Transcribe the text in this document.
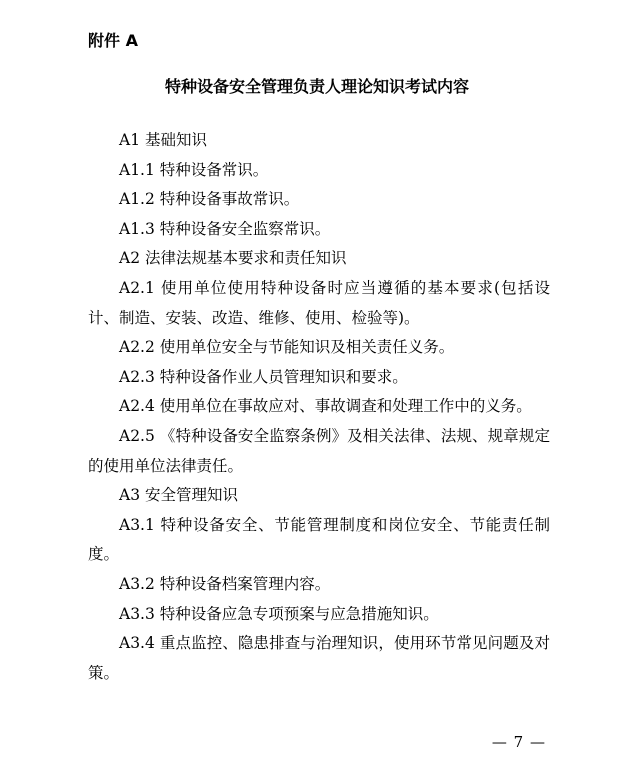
附件 A
特种设备安全管理负责人理论知识考试内容

A1 基础知识

A1.1 特种设备常识。

A1.2 特种设备事故常识。

A1.3 特种设备安全监察常识。

A2 法律法规基本要求和责任知识

A2.1 使用单位使用特种设备时应当遵循的基本要求(包括设计、制造、安装、改造、维修、使用、检验等)。

A2.2 使用单位安全与节能知识及相关责任义务。

A2.3 特种设备作业人员管理知识和要求。

A2.4 使用单位在事故应对、事故调查和处理工作中的义务。

A2.5 《特种设备安全监察条例》及相关法律、法规、规章规定的使用单位法律责任。

A3 安全管理知识

A3.1 特种设备安全、节能管理制度和岗位安全、节能责任制度。

A3.2 特种设备档案管理内容。

A3.3 特种设备应急专项预案与应急措施知识。

A3.4 重点监控、隐患排查与治理知识，使用环节常见问题及对策。

— 7 —
